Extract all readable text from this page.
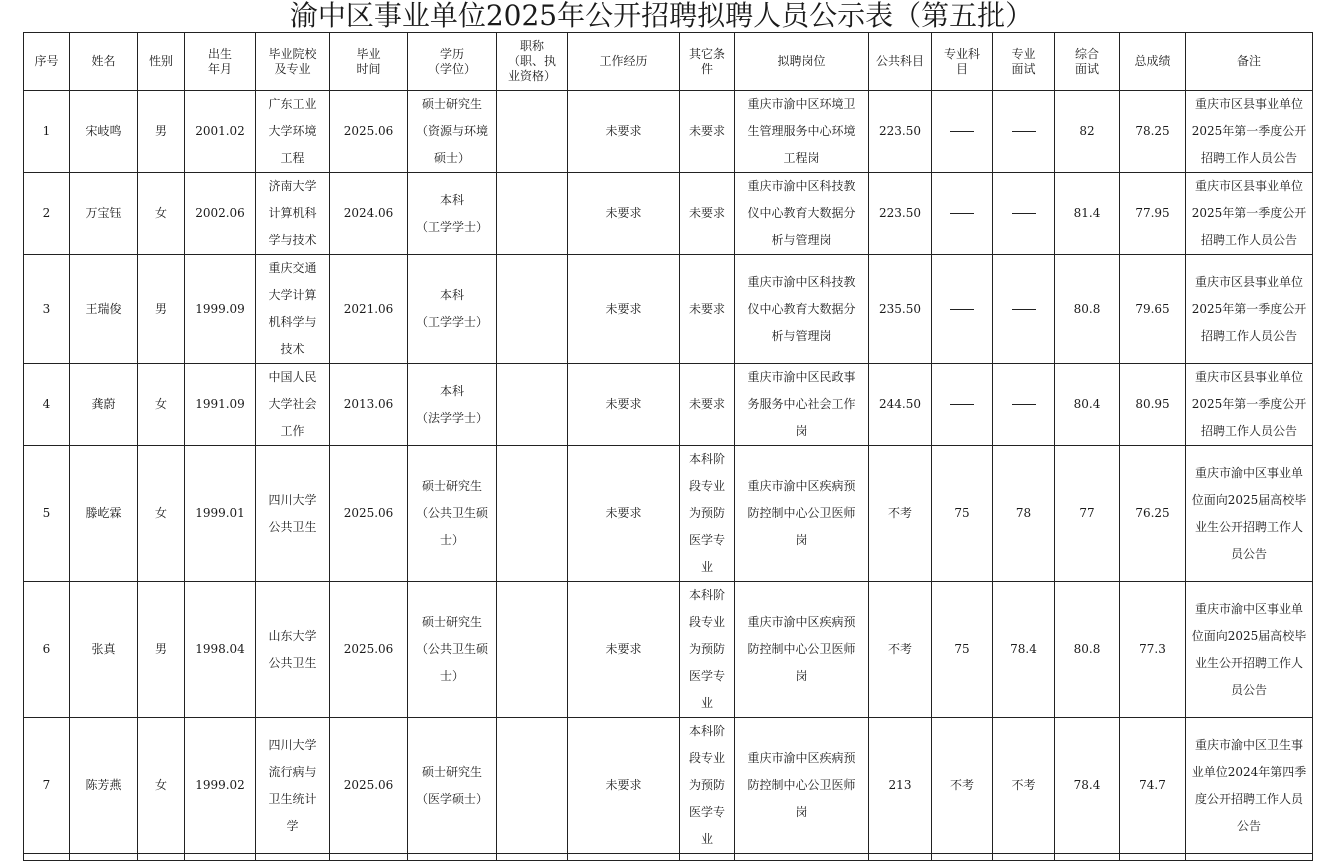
渝中区事业单位2025年公开招聘拟聘人员公示表（第五批）
序号	姓名	性别	出生
年月	毕业院校
及专业	毕业
时间	学历
（学位）	职称
（职、执
业资格）	工作经历	其它条
件	拟聘岗位	公共科目	专业科
目	专业
面试	综合
面试	总成绩	备注

1	宋岐鸣	男	2001.02	广东工业
大学环境
工程	2025.06	硕士研究生
（资源与环境
硕士）		未要求	未要求	重庆市渝中区环境卫
生管理服务中心环境
工程岗	223.50			82	78.25	重庆市区县事业单位
2025年第一季度公开
招聘工作人员公告

2	万宝钰	女	2002.06	济南大学
计算机科
学与技术	2024.06	本科
（工学学士）		未要求	未要求	重庆市渝中区科技教
仪中心教育大数据分
析与管理岗	223.50			81.4	77.95	重庆市区县事业单位
2025年第一季度公开
招聘工作人员公告

3	王瑞俊	男	1999.09	重庆交通
大学计算
机科学与
技术	2021.06	本科
（工学学士）		未要求	未要求	重庆市渝中区科技教
仪中心教育大数据分
析与管理岗	235.50			80.8	79.65	重庆市区县事业单位
2025年第一季度公开
招聘工作人员公告

4	龚蔚	女	1991.09	中国人民
大学社会
工作	2013.06	本科
（法学学士）		未要求	未要求	重庆市渝中区民政事
务服务中心社会工作
岗	244.50			80.4	80.95	重庆市区县事业单位
2025年第一季度公开
招聘工作人员公告

5	滕屹霖	女	1999.01	四川大学
公共卫生	2025.06	硕士研究生
（公共卫生硕
士）		未要求	本科阶
段专业
为预防
医学专
业	重庆市渝中区疾病预
防控制中心公卫医师
岗	不考	75	78	77	76.25	重庆市渝中区事业单
位面向2025届高校毕
业生公开招聘工作人
员公告

6	张真	男	1998.04	山东大学
公共卫生	2025.06	硕士研究生
（公共卫生硕
士）		未要求	本科阶
段专业
为预防
医学专
业	重庆市渝中区疾病预
防控制中心公卫医师
岗	不考	75	78.4	80.8	77.3	重庆市渝中区事业单
位面向2025届高校毕
业生公开招聘工作人
员公告

7	陈芳燕	女	1999.02	四川大学
流行病与
卫生统计
学	2025.06	硕士研究生
（医学硕士）		未要求	本科阶
段专业
为预防
医学专
业	重庆市渝中区疾病预
防控制中心公卫医师
岗	213	不考	不考	78.4	74.7	重庆市渝中区卫生事
业单位2024年第四季
度公开招聘工作人员
公告
